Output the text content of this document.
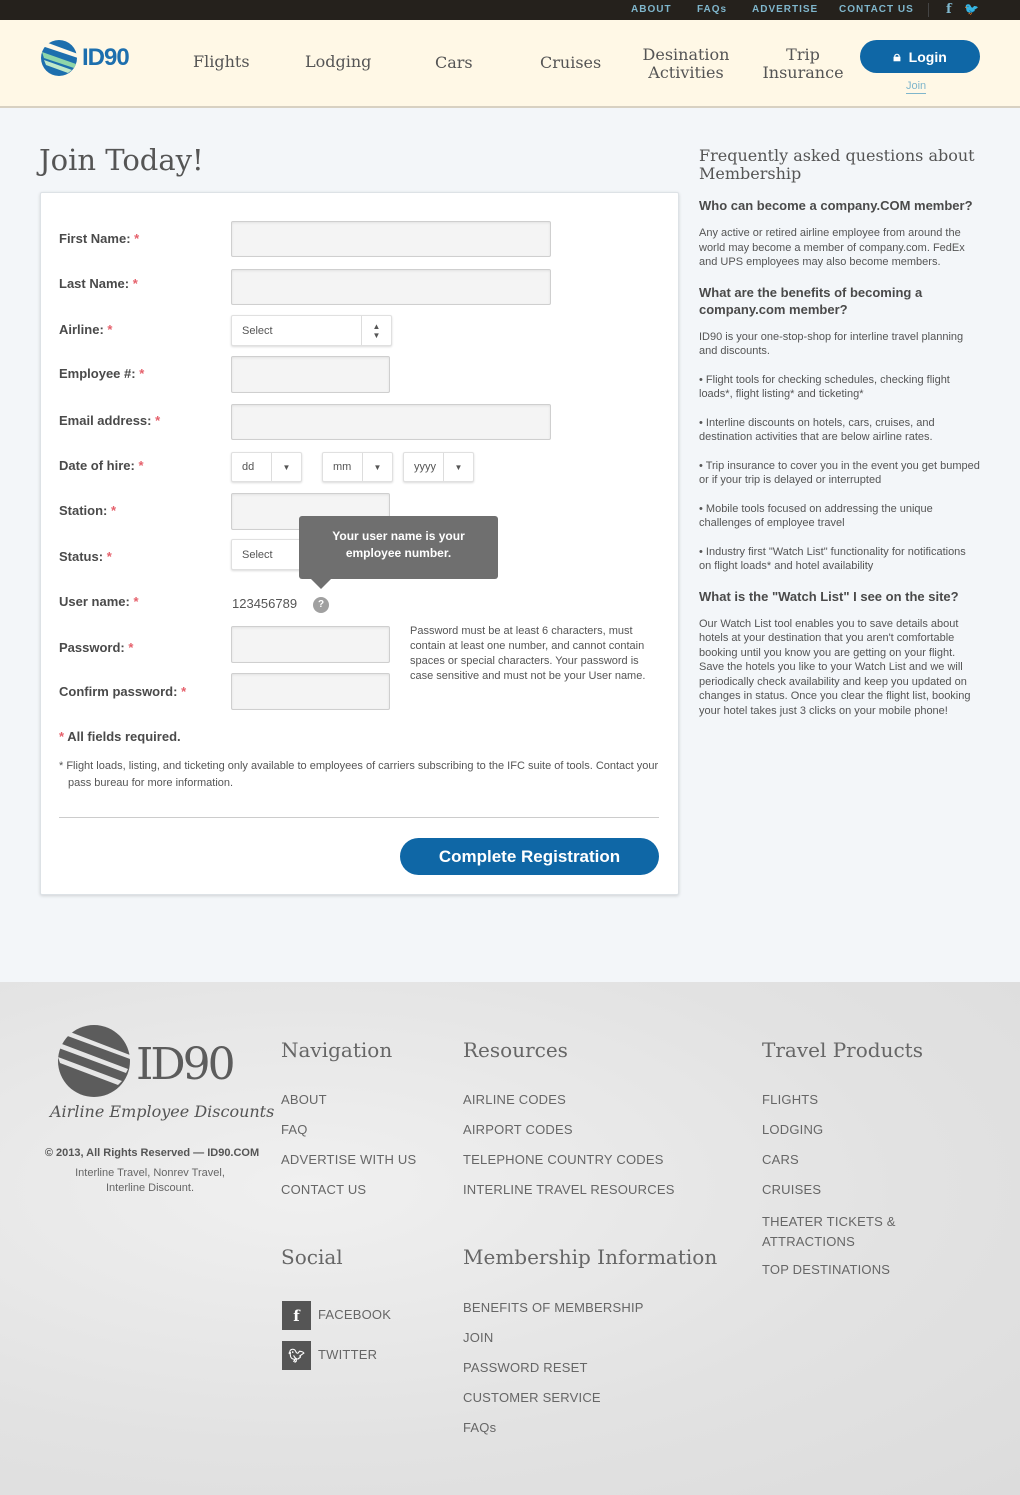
ABOUT	FAQs ADVERTISE CONTACT US f 🐦
ID90	Flights	Lodging	Cars	Cruises	Desination Activities
Trip Insurance
🔒︎ Login
Join
Join Today!
First Name: *
Last Name: *
Airline: *	Select	▲
▼
Employee #: *
Email address: *
Date of hire: *	dd	▼	mm	▼	yyyy	▼
Station: *
Status: *	Select
Your user name is your employee number.
User name: *	123456789	?
Password: *
Password must be at least 6 characters, must contain at least one number, and cannot contain spaces or special characters. Your password is case sensitive and must not be your User name.
Confirm password: *
* All fields required.
* Flight loads, listing, and ticketing only available to employees of carriers subscribing to the IFC suite of tools. Contact your pass bureau for more information.
Complete Registration
Frequently asked questions about Membership
Who can become a company.COM member?
Any active or retired airline employee from around the world may become a member of company.com. FedEx and UPS employees may also become members.
What are the benefits of becoming a company.com member?
ID90 is your one-stop-shop for interline travel planning and discounts.
• Flight tools for checking schedules, checking flight loads*, flight listing* and ticketing*
• Interline discounts on hotels, cars, cruises, and destination activities that are below airline rates.
• Trip insurance to cover you in the event you get bumped or if your trip is delayed or interrupted
• Mobile tools focused on addressing the unique challenges of employee travel
• Industry first "Watch List" functionality for notifications on flight loads* and hotel availability
What is the "Watch List" I see on the site?
Our Watch List tool enables you to save details about hotels at your destination that you aren't comfortable booking until you know you are getting on your flight. Save the hotels you like to your Watch List and we will periodically check availability and keep you updated on changes in status. Once you clear the flight list, booking your hotel takes just 3 clicks on your mobile phone!
ID90
Airline Employee Discounts
© 2013, All Rights Reserved — ID90.COM
Interline Travel, Nonrev Travel, Interline Discount.
Navigation
ABOUT
FAQ
ADVERTISE WITH US
CONTACT US
Resources
AIRLINE CODES
AIRPORT CODES
TELEPHONE COUNTRY CODES
INTERLINE TRAVEL RESOURCES
Travel Products
FLIGHTS
LODGING
CARS
CRUISES
THEATER TICKETS & ATTRACTIONS
TOP DESTINATIONS
Social
f	FACEBOOK
🐦︎	TWITTER
Membership Information
BENEFITS OF MEMBERSHIP
JOIN
PASSWORD RESET
CUSTOMER SERVICE
FAQs
